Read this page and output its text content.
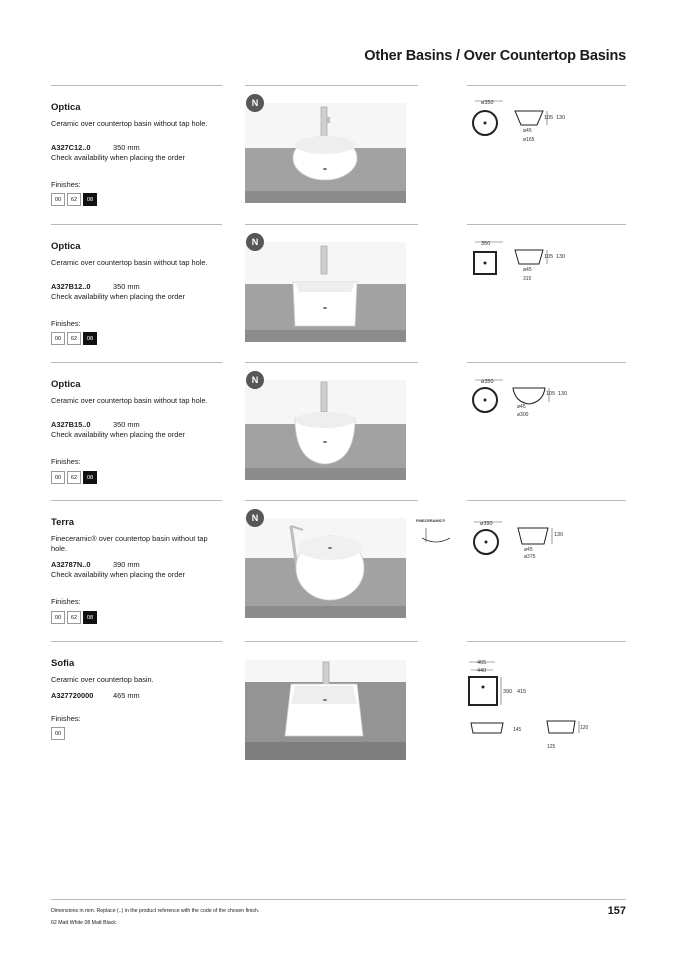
Other Basins / Over Countertop Basins
Optica
Ceramic over countertop basin without tap hole.
A327C12..0	350 mm
Check availability when placing the order
Finishes:
00	62	08
N	ø350
105 130
ø45
ø165
Optica
Ceramic over countertop basin without tap hole.
A327B12..0	350 mm
Check availability when placing the order
Finishes:
00	62	08
N	350
105 130
ø45
315
Optica
Ceramic over countertop basin without tap hole.
A327B15..0	350 mm
Check availability when placing the order
Finishes:
00	62	08
N	ø350
105 130
ø45
ø300
Terra
Fineceramic® over countertop basin without tap hole.
A32787N..0	390 mm
Check availability when placing the order
Finishes:
00	62	08
N	FINECERAMIC®	ø390
130
ø45
ø375
Sofia
Ceramic over countertop basin.
A327720000	465 mm
Finishes:
00
465
440
390 415
145	120
125
Dimensions in mm. Replace (..) in the product reference with the code of the chosen finish.
62 Matt White 08 Matt Black
157
